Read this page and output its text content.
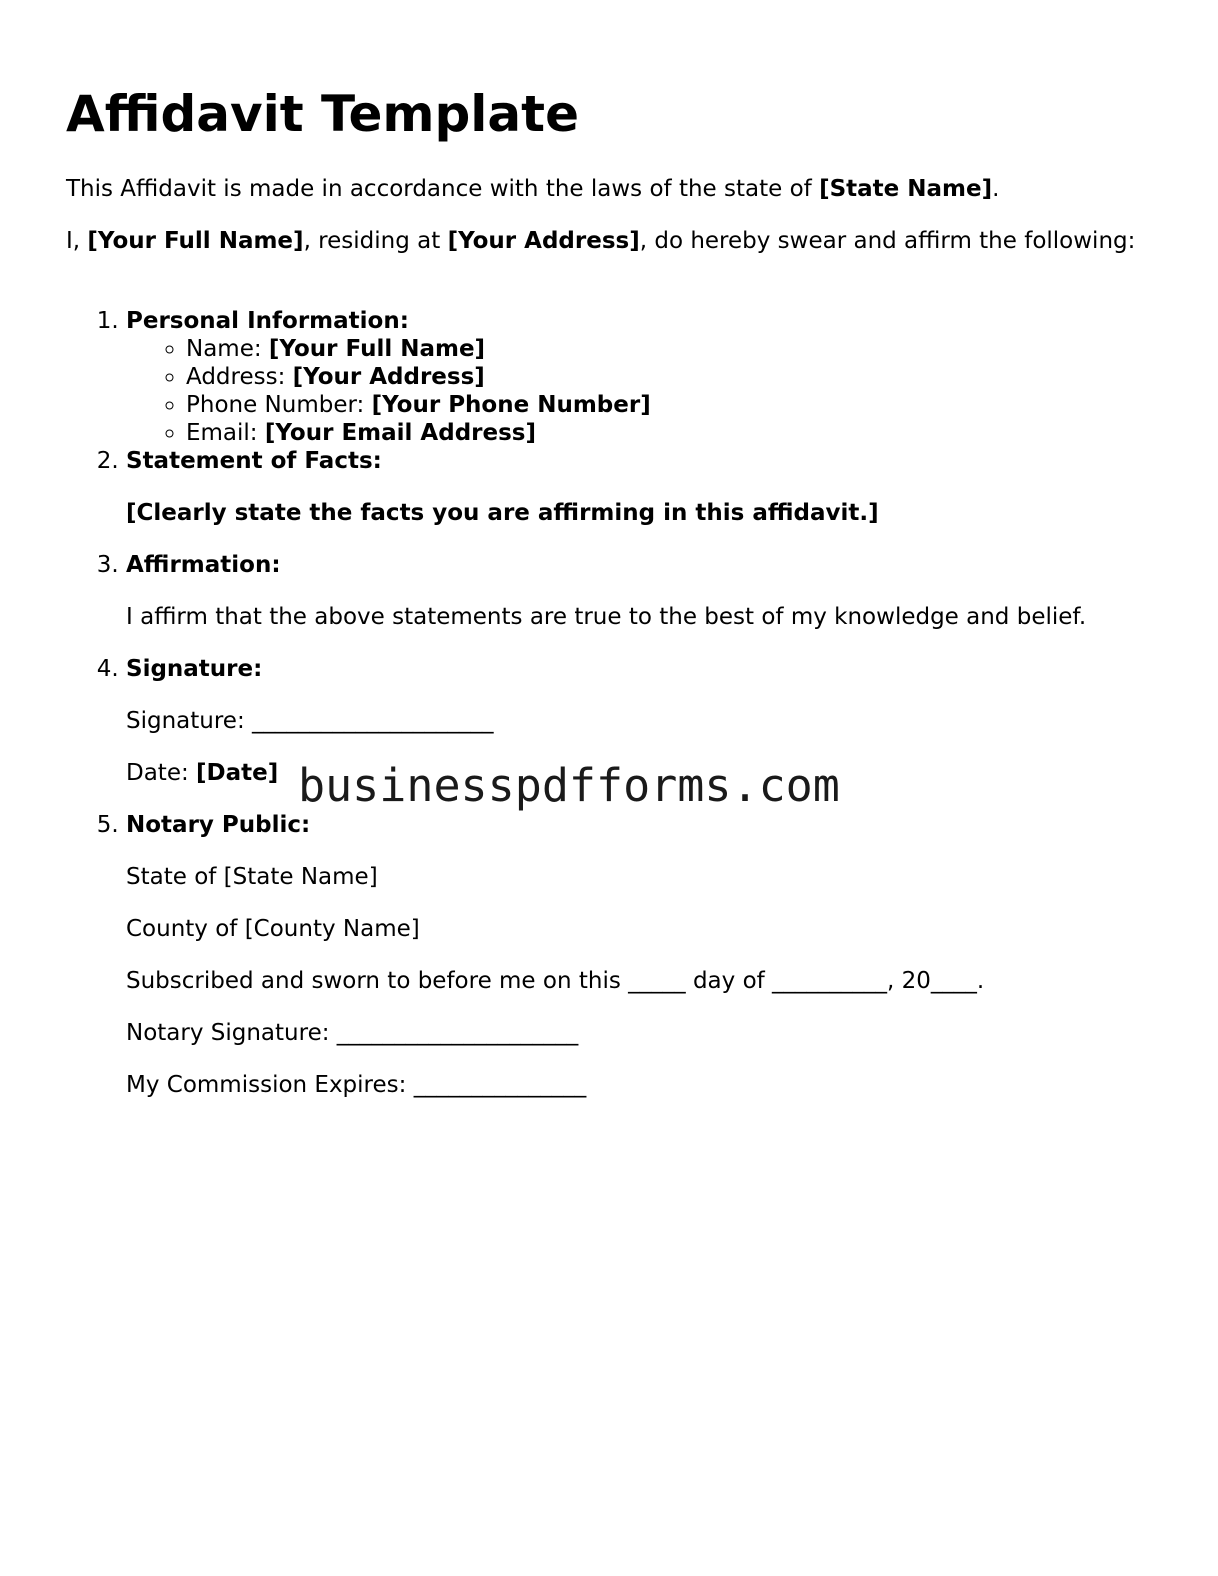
Affidavit Template

This Affidavit is made in accordance with the laws of the state of [State Name].

I, [Your Full Name], residing at [Your Address], do hereby swear and affirm the following:

1. Personal Information:
◦ Name: [Your Full Name]
◦ Address: [Your Address]
◦ Phone Number: [Your Phone Number]
◦ Email: [Your Email Address]
2. Statement of Facts:

[Clearly state the facts you are affirming in this affidavit.]

3. Affirmation:

I affirm that the above statements are true to the best of my knowledge and belief.

4. Signature:

Signature: _____________________

Date: [Date]

5. Notary Public:

State of [State Name]

County of [County Name]

Subscribed and sworn to before me on this _____ day of __________, 20____.

Notary Signature: _____________________

My Commission Expires: _______________

businesspdfforms.com
